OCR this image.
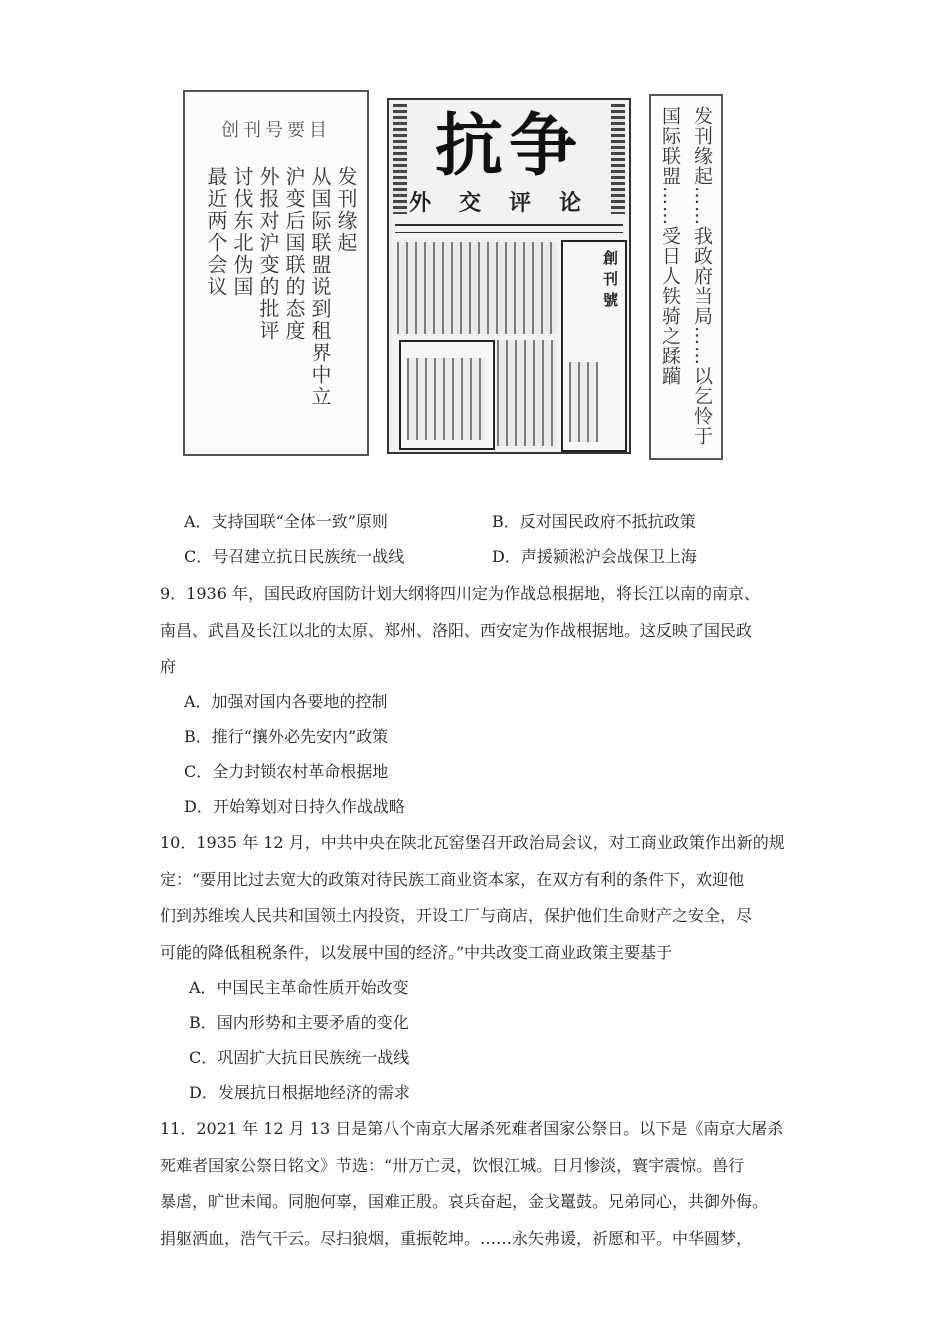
创刊号要目
发刊缘起
从国际联盟说到租界中立
沪变后国联的态度
外报对沪变的批评
讨伐东北伪国
最近两个会议
抗争
外交评论
創刊號	发刊缘起……我政府当局……以乞怜于
国际联盟……受日人铁骑之蹂躏
A．支持国联“全体一致”原则	B．反对国民政府不抵抗政策
C．号召建立抗日民族统一战线	D．声援颍淞沪会战保卫上海
9．1936 年，国民政府国防计划大纲将四川定为作战总根据地，将长江以南的南京、
南昌、武昌及长江以北的太原、郑州、洛阳、西安定为作战根据地。这反映了国民政
府
A．加强对国内各要地的控制
B．推行“攘外必先安内”政策
C．全力封锁农村革命根据地
D．开始筹划对日持久作战战略
10．1935 年 12 月，中共中央在陕北瓦窑堡召开政治局会议，对工商业政策作出新的规
定：“要用比过去宽大的政策对待民族工商业资本家，在双方有利的条件下，欢迎他
们到苏维埃人民共和国领土内投资，开设工厂与商店，保护他们生命财产之安全，尽
可能的降低租税条件，以发展中国的经济。”中共改变工商业政策主要基于
A．中国民主革命性质开始改变
B．国内形势和主要矛盾的变化
C．巩固扩大抗日民族统一战线
D．发展抗日根据地经济的需求
11．2021 年 12 月 13 日是第八个南京大屠杀死难者国家公祭日。以下是《南京大屠杀
死难者国家公祭日铭文》节选：“卅万亡灵，饮恨江城。日月惨淡，寰宇震惊。兽行
暴虐，旷世未闻。同胞何辜，国难正殷。哀兵奋起，金戈鼍鼓。兄弟同心，共御外侮。
捐躯洒血，浩气干云。尽扫狼烟，重振乾坤。……永矢弗谖，祈愿和平。中华圆梦，
